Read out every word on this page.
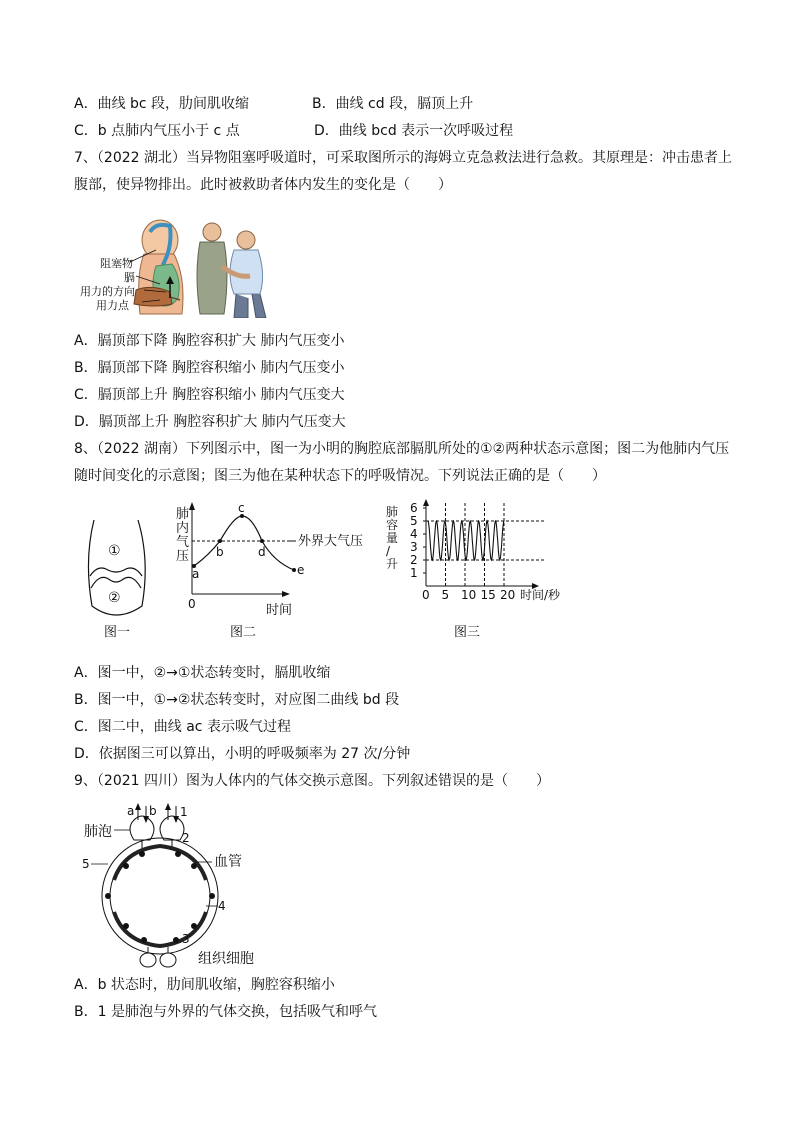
A．曲线 bc 段，肋间肌收缩	B．曲线 cd 段，膈顶上升
C．b 点肺内气压小于 c 点	D．曲线 bcd 表示一次呼吸过程
7、（2022 湖北）当异物阻塞呼吸道时，可采取图所示的海姆立克急救法进行急救。其原理是：冲击患者上
腹部，使异物排出。此时被救助者体内发生的变化是（　　）
阻塞物
膈
用力的方向
用力点
A．膈顶部下降 胸腔容积扩大 肺内气压变小
B．膈顶部下降 胸腔容积缩小 肺内气压变小
C．膈顶部上升 胸腔容积缩小 肺内气压变大
D．膈顶部上升 胸腔容积扩大 肺内气压变大
8、（2022 湖南）下列图示中，图一为小明的胸腔底部膈肌所处的①②两种状态示意图；图二为他肺内气压
随时间变化的示意图；图三为他在某种状态下的呼吸情况。下列说法正确的是（　　）
①
②
图一
肺
内
气
压
a
b
c
d
e
外界大气压
0	时间
图二
肺
容
量
/
升
时间/秒
图三
1
2
3
4
5
6
0 5 10 15 20
A．图一中，②→①状态转变时，膈肌收缩
B．图一中，①→②状态转变时，对应图二曲线 bd 段
C．图二中，曲线 ac 表示吸气过程
D．依据图三可以算出，小明的呼吸频率为 27 次/分钟
9、（2021 四川）图为人体内的气体交换示意图。下列叙述错误的是（　　）
肺泡
a b 1
2
5	血管
4
3
组织细胞
A．b 状态时，肋间肌收缩，胸腔容积缩小
B．1 是肺泡与外界的气体交换，包括吸气和呼气
